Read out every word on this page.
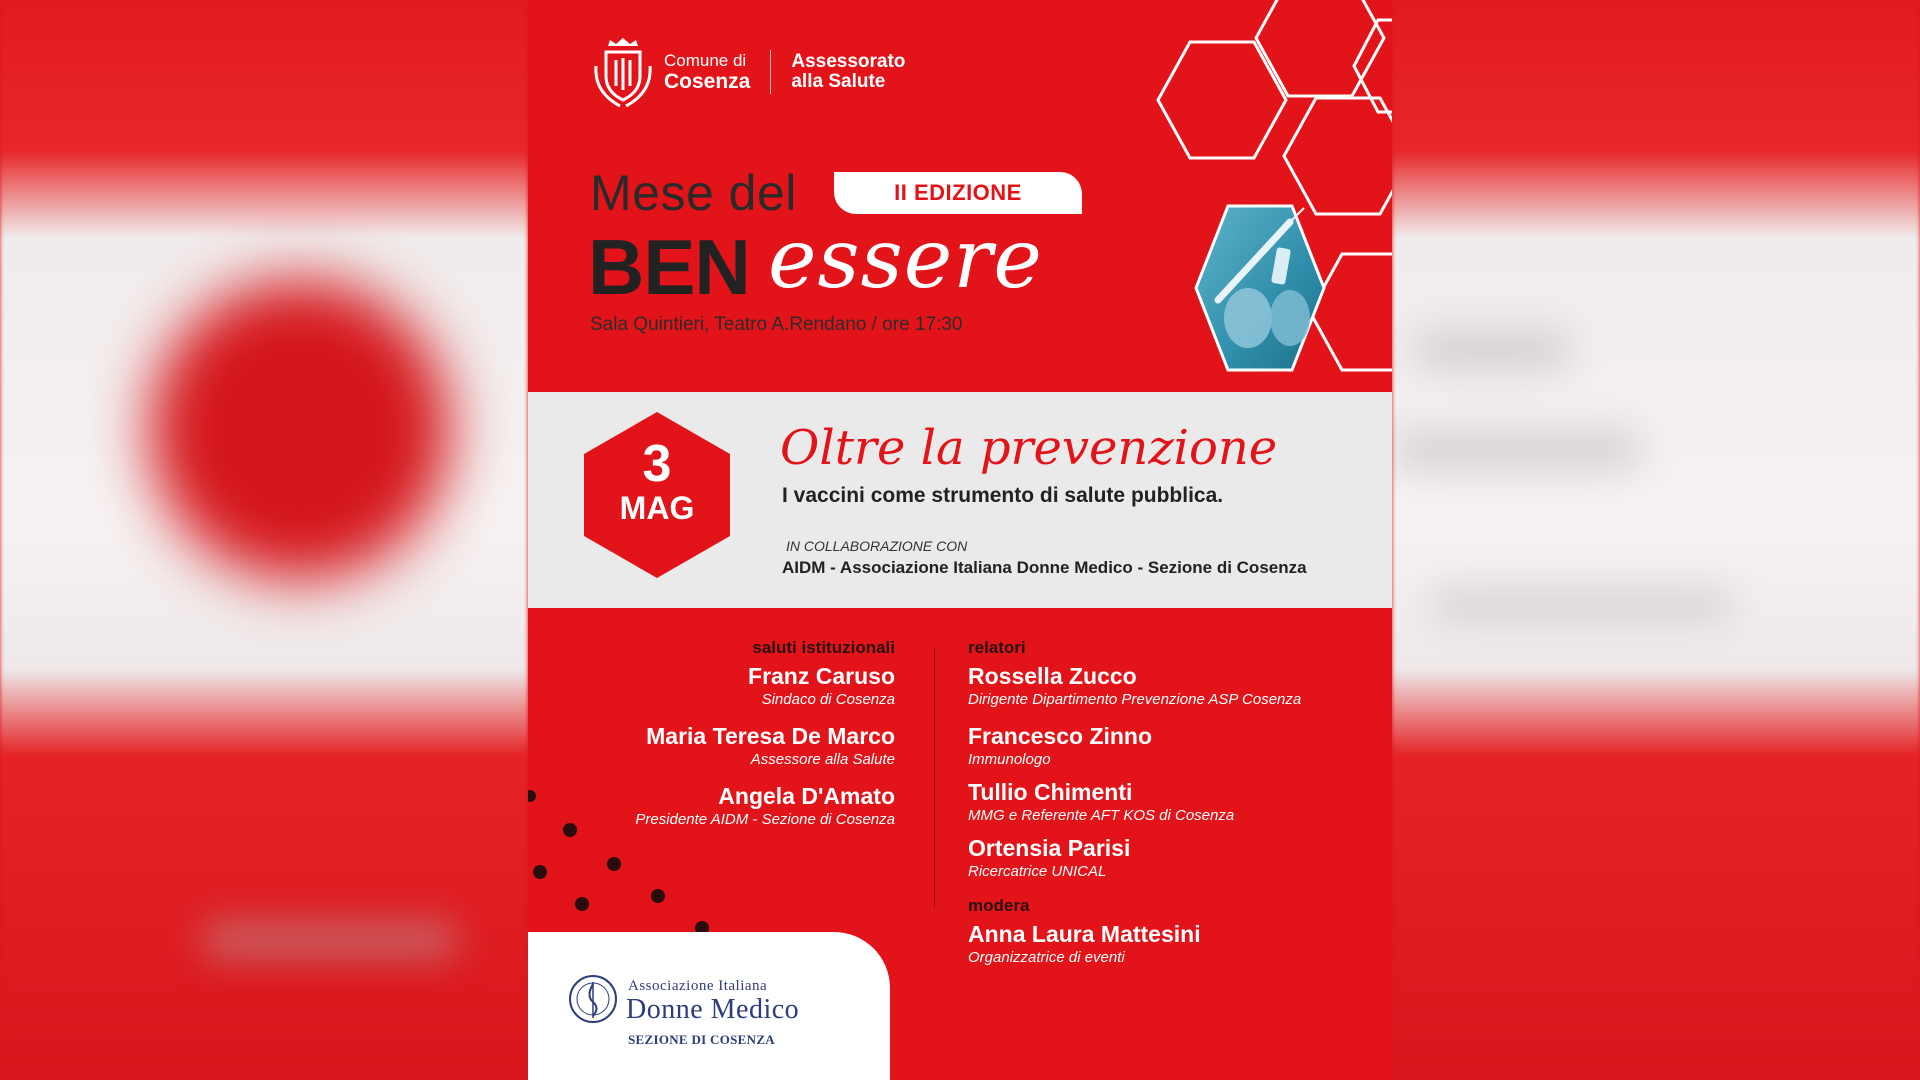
Comune di
Cosenza
Assessorato
alla Salute
Mese del	II EDIZIONE
BEN essere
Sala Quintieri, Teatro A.Rendano / ore 17:30
3
MAG
Oltre la prevenzione
I vaccini come strumento di salute pubblica.
IN COLLABORAZIONE CON
AIDM - Associazione Italiana Donne Medico - Sezione di Cosenza
saluti istituzionali
Franz Caruso
Sindaco di Cosenza
Maria Teresa De Marco
Assessore alla Salute
Angela D'Amato
Presidente AIDM - Sezione di Cosenza
relatori
Rossella Zucco
Dirigente Dipartimento Prevenzione ASP Cosenza
Francesco Zinno
Immunologo
Tullio Chimenti
MMG e Referente AFT KOS di Cosenza
Ortensia Parisi
Ricercatrice UNICAL
modera
Anna Laura Mattesini
Organizzatrice di eventi
Associazione Italiana
Donne Medico
SEZIONE DI COSENZA
